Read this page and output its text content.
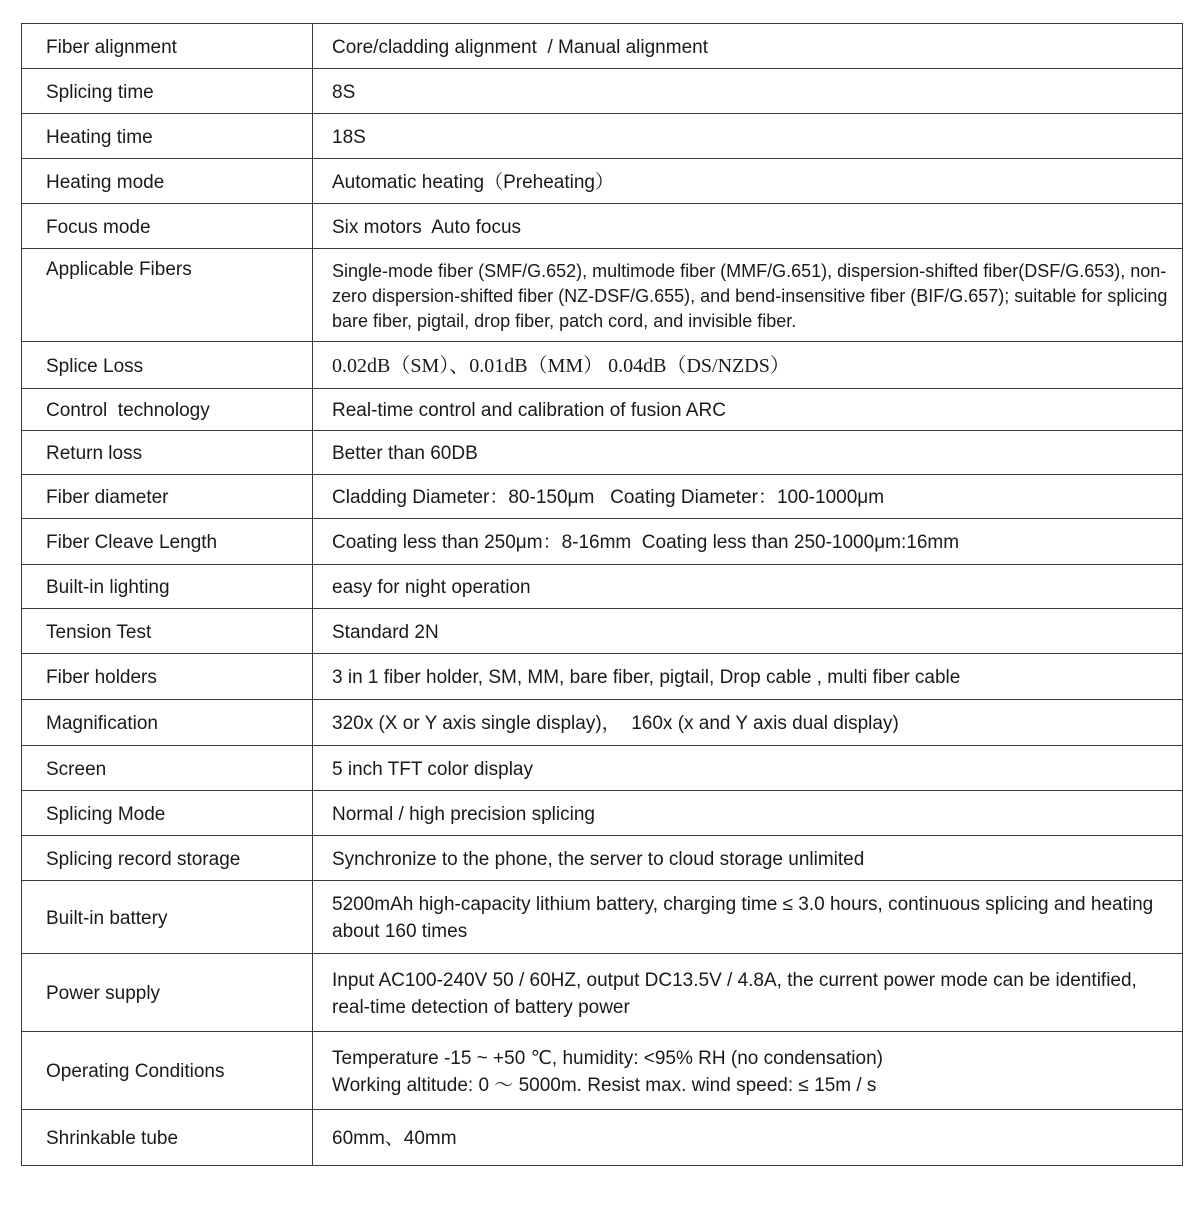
Fiber alignment	Core/cladding alignment  / Manual alignment
Splicing time	8S
Heating time	18S
Heating mode	Automatic heating（Preheating）
Focus mode	Six motors  Auto focus
Applicable Fibers	Single-mode fiber (SMF/G.652), multimode fiber (MMF/G.651), dispersion-shifted fiber(DSF/G.653), non-zero dispersion-shifted fiber (NZ-DSF/G.655), and bend-insensitive fiber (BIF/G.657); suitable for splicing bare fiber, pigtail, drop fiber, patch cord, and invisible fiber.
Splice Loss	0.02dB（SM）、0.01dB（MM） 0.04dB（DS/NZDS）
Control  technology	Real-time control and calibration of fusion ARC
Return loss	Better than 60DB
Fiber diameter	Cladding Diameter：80-150μm   Coating Diameter：100-1000μm
Fiber Cleave Length	Coating less than 250μm：8-16mm  Coating less than 250-1000μm:16mm
Built-in lighting	easy for night operation
Tension Test	Standard 2N
Fiber holders	3 in 1 fiber holder, SM, MM, bare fiber, pigtail, Drop cable , multi fiber cable
Magnification	320x (X or Y axis single display)，  160x (x and Y axis dual display)
Screen	5 inch TFT color display
Splicing Mode	Normal / high precision splicing
Splicing record storage	Synchronize to the phone, the server to cloud storage unlimited
Built-in battery	5200mAh high-capacity lithium battery, charging time ≤ 3.0 hours, continuous splicing and heating about 160 times
Power supply	Input AC100-240V 50 / 60HZ, output DC13.5V / 4.8A, the current power mode can be identified, real-time detection of battery power
Operating Conditions	Temperature -15 ~ +50 ℃, humidity: <95% RH (no condensation)
Working altitude: 0 〜 5000m. Resist max. wind speed: ≤ 15m / s
Shrinkable tube	60mm、40mm
